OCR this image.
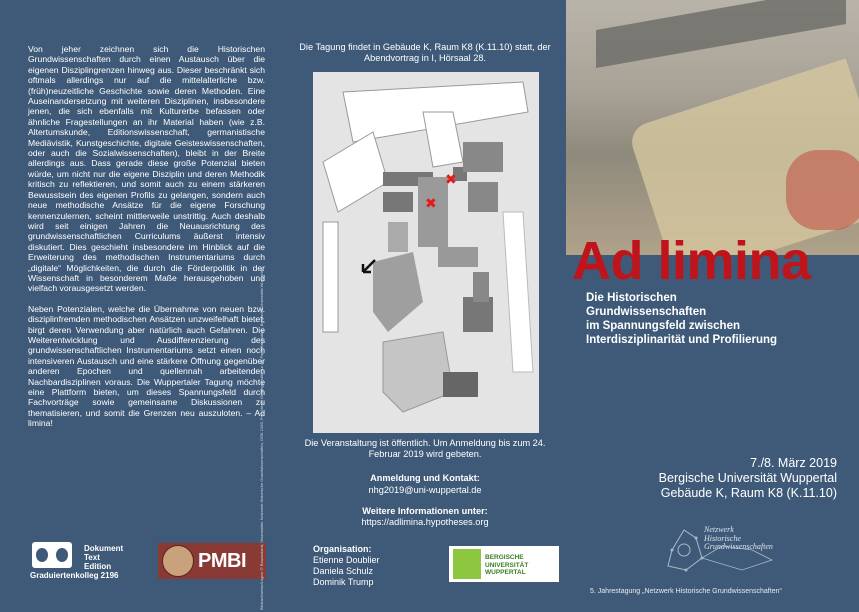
Von jeher zeichnen sich die Historischen Grundwissenschaften durch einen Austausch über die eigenen Disziplingrenzen hinweg aus. Dieser beschränkt sich oftmals allerdings nur auf die mittelalterliche bzw. (früh)neuzeitliche Geschichte sowie deren Methoden. Eine Auseinandersetzung mit weiteren Disziplinen, insbesondere jenen, die sich ebenfalls mit Kulturerbe befassen oder ähnliche Fragestellungen an ihr Material haben (wie z.B. Altertumskunde, Editionswissenschaft, germanistische Mediävistik, Kunstgeschichte, digitale Geisteswissenschaften, oder auch die Sozialwissenschaften), bleibt in der Breite allerdings aus. Dass gerade diese große Potenzial bieten würde, um nicht nur die eigene Disziplin und deren Methodik kritisch zu reflektieren, und somit auch zu einem stärkeren Bewusstsein des eigenen Profils zu gelangen, sondern auch neue methodische Ansätze für die eigene Forschung kennenzulernen, scheint mittlerweile unstrittig. Auch deshalb wird seit einigen Jahren die Neuausrichtung des grundwissenschaftlichen Curriculums äußerst intensiv diskutiert. Dies geschieht insbesondere im Hinblick auf die Erweiterung des methodischen Instrumentariums durch „digitale“ Möglichkeiten, die durch die Förderpolitik in der Wissenschaft in besonderem Maße herausgehoben und vielfach vorausgesetzt werden.

Neben Potenzialen, welche die Übernahme von neuen bzw. disziplinfremden methodischen Ansätzen unzweifelhaft bietet, birgt deren Verwendung aber natürlich auch Gefahren. Die Weiterentwicklung und Ausdifferenzierung des grundwissenschaftlichen Instrumentariums setzt einen noch intensiveren Austausch und eine stärkere Öffnung gegenüber anderen Epochen und quellennah arbeitenden Nachbardisziplinen voraus. Die Wuppertaler Tagung möchte eine Plattform bieten, um dieses Spannungsfeld durch Fachvorträge sowie gemeinsame Diskussionen zu thematisieren, und somit die Grenzen neu auszuloten. – Ad limina!

Dokument
Text
Edition
Graduiertenkolleg 2196
PMBI	Bildnachweise/Logos: © Bauzustand, Veranstalter Netzwerk Historische Grundwissenschaften, GRK 2196, Print Media Bildungsinstitut für die Papierfabrikation, Bergische Universität Wuppertal
Die Tagung findet in Gebäude K, Raum K8 (K.11.10) statt, der Abendvortrag in I, Hörsaal 28.
✖
✖
Die Veranstaltung ist öffentlich. Um Anmeldung bis zum 24. Februar 2019 wird gebeten.
Anmeldung und Kontakt:
nhg2019@uni-wuppertal.de
Weitere Informationen unter:
https://adlimina.hypotheses.org
Organisation:
Etienne Doublier
Daniela Schulz
Dominik Trump
BERGISCHE
UNIVERSITÄT
WUPPERTAL
Ad limina
Die Historischen
Grundwissenschaften
im Spannungsfeld zwischen
Interdisziplinarität und Profilierung
7./8. März 2019
Bergische Universität Wuppertal
Gebäude K, Raum K8 (K.11.10)
Netzwerk
Historische
Grundwissenschaften
5. Jahrestagung „Netzwerk Historische Grundwissenschaften“
